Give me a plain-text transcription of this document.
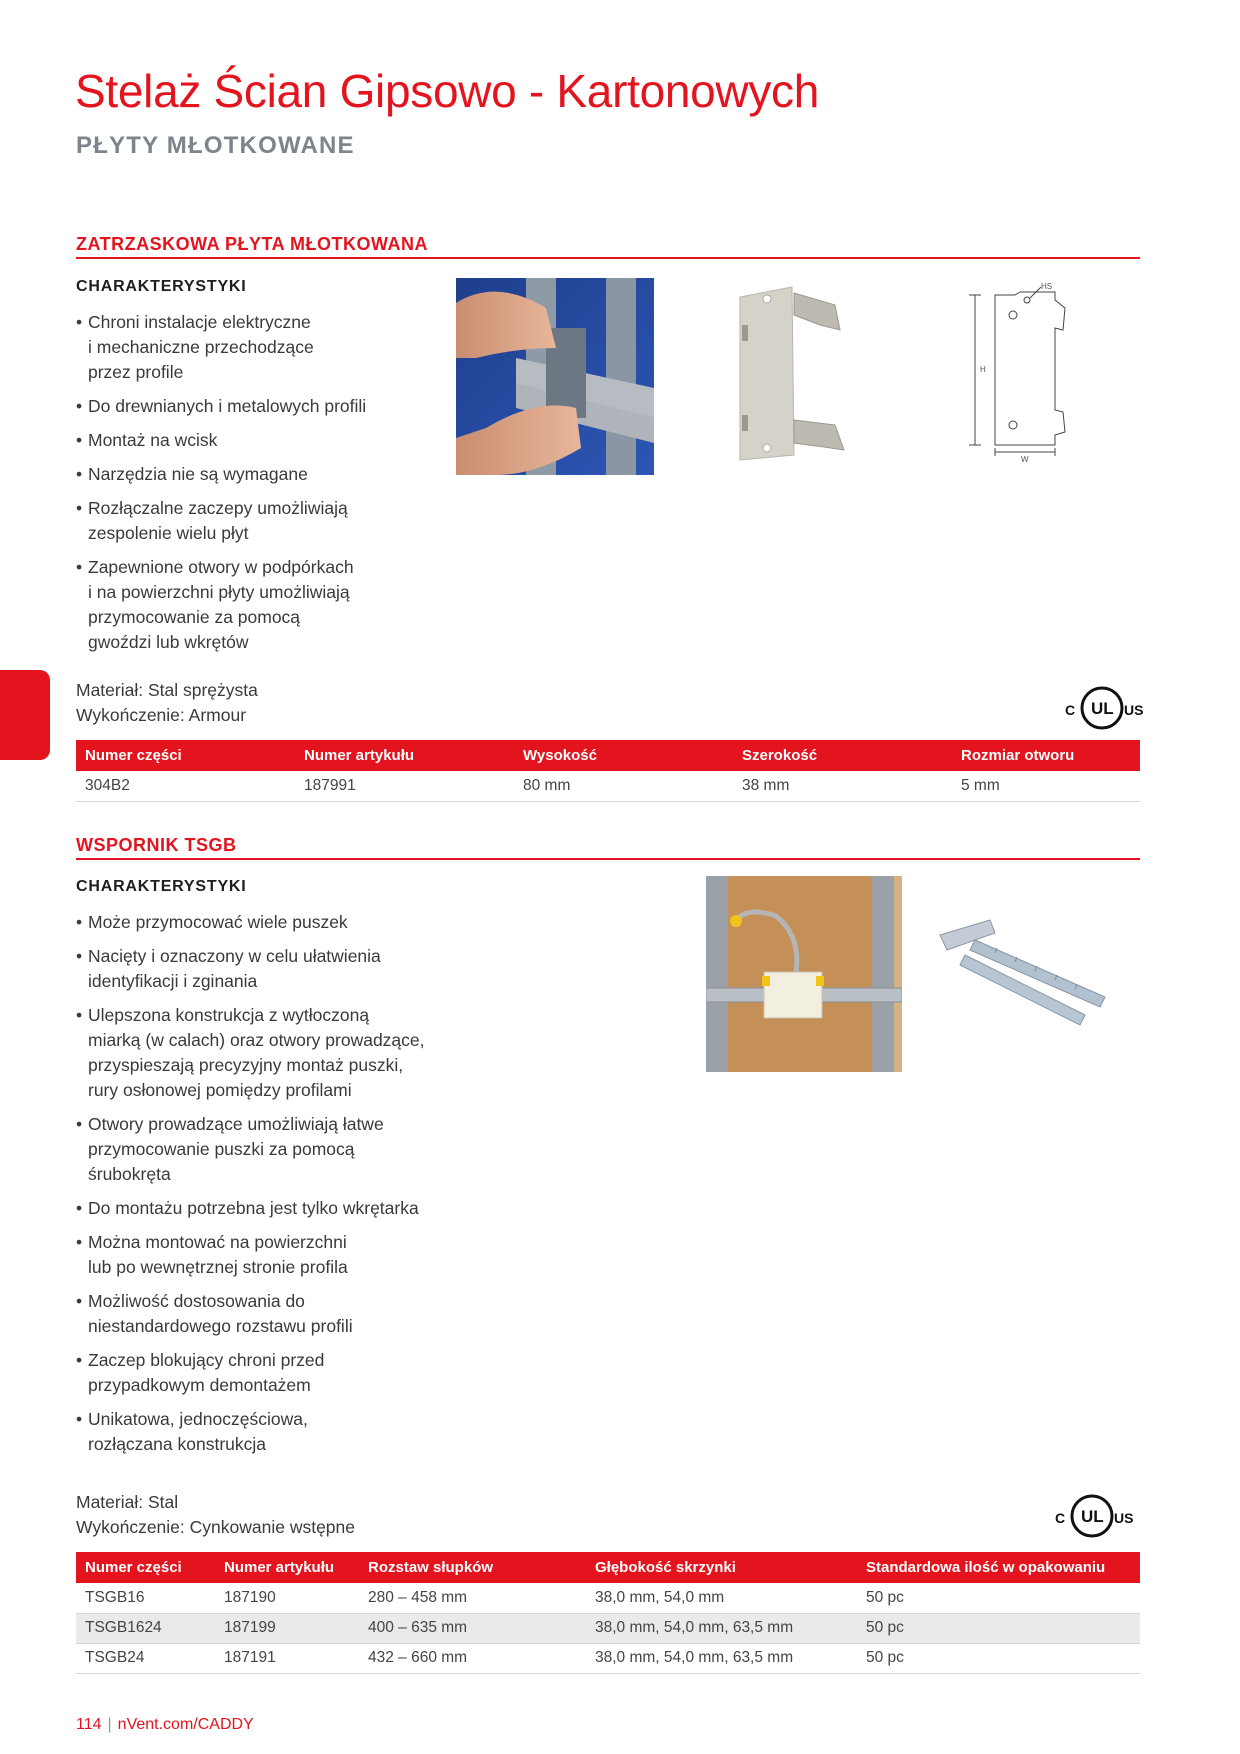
Stelaż Ścian Gipsowo - Kartonowych
PŁYTY MŁOTKOWANE
ZATRZASKOWA PŁYTA MŁOTKOWANA
CHARAKTERYSTYKI
• Chroni instalacje elektryczne
i mechaniczne przechodzące
przez profile
• Do drewnianych i metalowych profili
• Montaż na wcisk
• Narzędzia nie są wymagane
• Rozłączalne zaczepy umożliwiają
zespolenie wielu płyt
• Zapewnione otwory w podpórkach
i na powierzchni płyty umożliwiają
przymocowanie za pomocą
gwoździ lub wkrętów
HS
H
W
Materiał: Stal sprężysta
Wykończenie: Armour	C UL US
Numer części	Numer artykułu	Wysokość	Szerokość	Rozmiar otworu
304B2	187991	80 mm	38 mm	5 mm
WSPORNIK TSGB
CHARAKTERYSTYKI
• Może przymocować wiele puszek
• Nacięty i oznaczony w celu ułatwienia
identyfikacji i zginania
• Ulepszona konstrukcja z wytłoczoną
miarką (w calach) oraz otwory prowadzące,
przyspieszają precyzyjny montaż puszki,
rury osłonowej pomiędzy profilami
• Otwory prowadzące umożliwiają łatwe
przymocowanie puszki za pomocą
śrubokręta
• Do montażu potrzebna jest tylko wkrętarka
• Można montować na powierzchni
lub po wewnętrznej stronie profila
• Możliwość dostosowania do
niestandardowego rozstawu profili
• Zaczep blokujący chroni przed
przypadkowym demontażem
• Unikatowa, jednoczęściowa,
rozłączana konstrukcja
Materiał: Stal
Wykończenie: Cynkowanie wstępne	C UL US
Numer części	Numer artykułu	Rozstaw słupków	Głębokość skrzynki	Standardowa ilość w opakowaniu
TSGB16	187190	280 – 458 mm	38,0 mm, 54,0 mm	50 pc
TSGB1624	187199	400 – 635 mm	38,0 mm, 54,0 mm, 63,5 mm	50 pc
TSGB24	187191	432 – 660 mm	38,0 mm, 54,0 mm, 63,5 mm	50 pc
114 | nVent.com/CADDY
